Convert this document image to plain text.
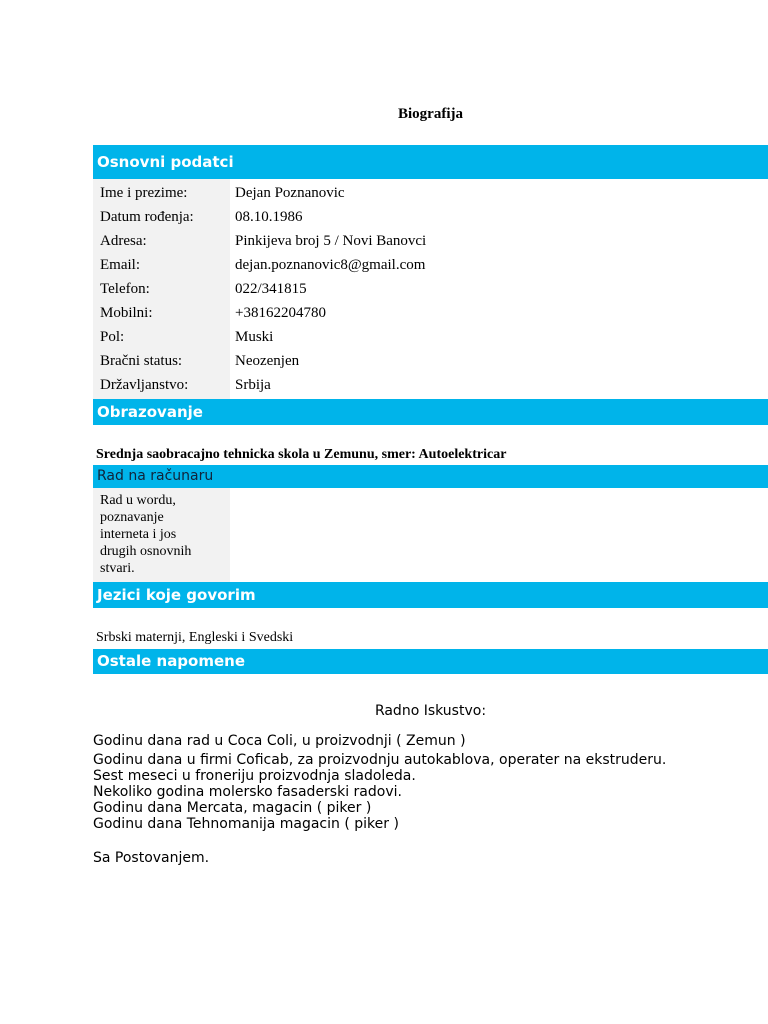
Biografija
Osnovni podatci
Ime i prezime:	Dejan Poznanovic
Datum rođenja:	08.10.1986
Adresa:	Pinkijeva broj 5 / Novi Banovci
Email:	dejan.poznanovic8@gmail.com
Telefon:	022/341815
Mobilni:	+38162204780
Pol:	Muski
Bračni status:	Neozenjen
Državljanstvo:	Srbija
Obrazovanje
Srednja saobracajno tehnicka skola u Zemunu, smer: Autoelektricar
Rad na računaru
Rad u wordu,
poznavanje
interneta i jos
drugih osnovnih
stvari.
Jezici koje govorim
Srbski maternji, Engleski i Svedski
Ostale napomene
Radno Iskustvo:
Godinu dana rad u Coca Coli, u proizvodnji ( Zemun )
Godinu dana u firmi Coficab, za proizvodnju autokablova, operater na ekstruderu.
Sest meseci u froneriju proizvodnja sladoleda.
Nekoliko godina molersko fasaderski radovi.
Godinu dana Mercata, magacin ( piker )
Godinu dana Tehnomanija magacin ( piker )
Sa Postovanjem.
